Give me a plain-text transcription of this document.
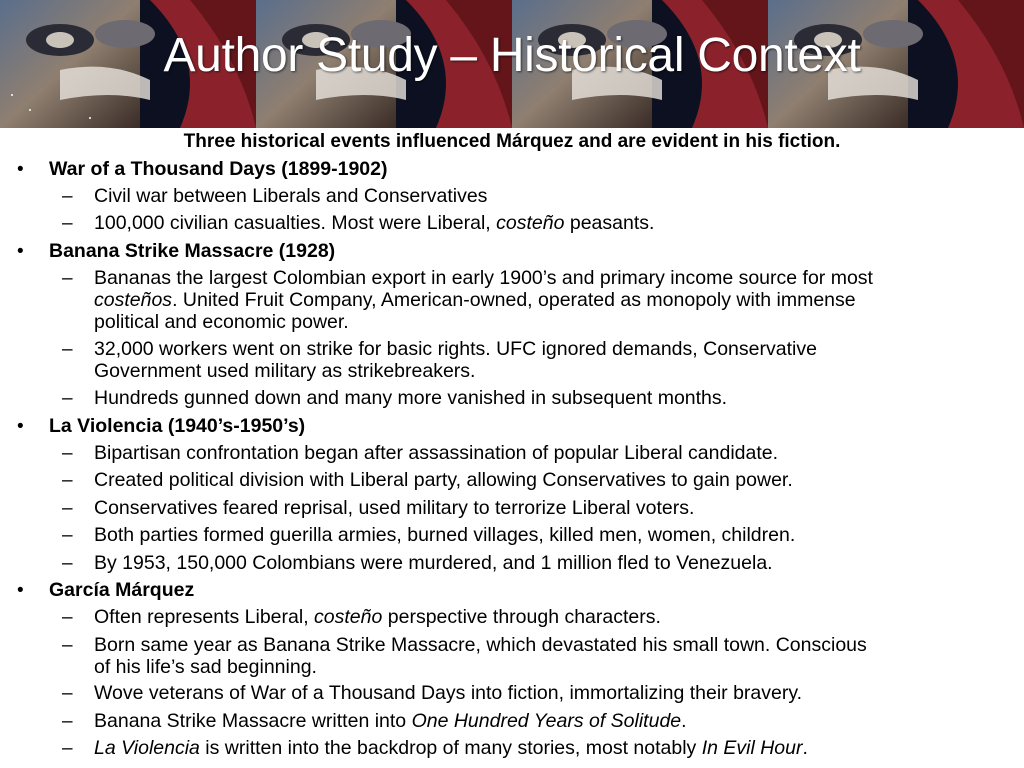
Author Study – Historical Context
Three historical events influenced Márquez and are evident in his fiction.
• War of a Thousand Days (1899-1902)
– Civil war between Liberals and Conservatives
– 100,000 civilian casualties. Most were Liberal, costeño peasants.
• Banana Strike Massacre (1928)
– Bananas the largest Colombian export in early 1900’s and primary income source for most
costeños. United Fruit Company, American-owned, operated as monopoly with immense
political and economic power.
– 32,000 workers went on strike for basic rights. UFC ignored demands, Conservative
Government used military as strikebreakers.
– Hundreds gunned down and many more vanished in subsequent months.
• La Violencia (1940’s-1950’s)
– Bipartisan confrontation began after assassination of popular Liberal candidate.
– Created political division with Liberal party, allowing Conservatives to gain power.
– Conservatives feared reprisal, used military to terrorize Liberal voters.
– Both parties formed guerilla armies, burned villages, killed men, women, children.
– By 1953, 150,000 Colombians were murdered, and 1 million fled to Venezuela.
• García Márquez
– Often represents Liberal, costeño perspective through characters.
– Born same year as Banana Strike Massacre, which devastated his small town. Conscious
of his life’s sad beginning.
– Wove veterans of War of a Thousand Days into fiction, immortalizing their bravery.
– Banana Strike Massacre written into One Hundred Years of Solitude.
– La Violencia is written into the backdrop of many stories, most notably In Evil Hour.
